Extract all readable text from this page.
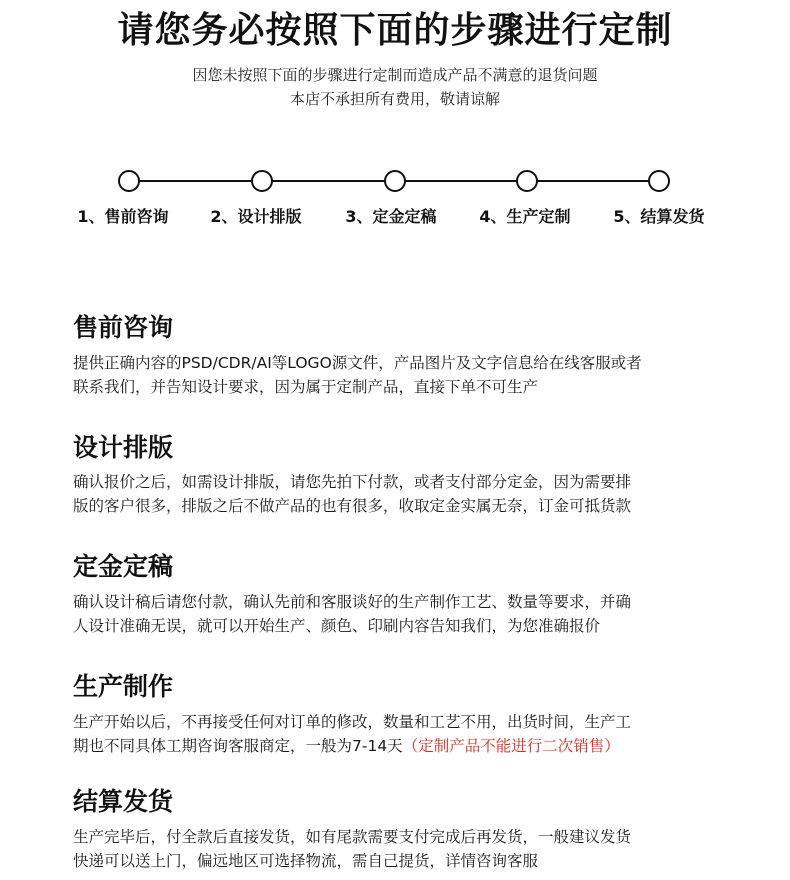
请您务必按照下面的步骤进行定制
因您未按照下面的步骤进行定制而造成产品不满意的退货问题
本店不承担所有费用，敬请谅解
1、售前咨询	2、设计排版	3、定金定稿	4、生产定制	5、结算发货
售前咨询
提供正确内容的PSD/CDR/AI等LOGO源文件，产品图片及文字信息给在线客服或者
联系我们，并告知设计要求，因为属于定制产品，直接下单不可生产
设计排版
确认报价之后，如需设计排版，请您先拍下付款，或者支付部分定金，因为需要排
版的客户很多，排版之后不做产品的也有很多，收取定金实属无奈，订金可抵货款
定金定稿
确认设计稿后请您付款，确认先前和客服谈好的生产制作工艺、数量等要求，并确
人设计准确无误，就可以开始生产、颜色、印刷内容告知我们，为您准确报价
生产制作
生产开始以后，不再接受任何对订单的修改，数量和工艺不用，出货时间，生产工
期也不同具体工期咨询客服商定，一般为7-14天（定制产品不能进行二次销售）
结算发货
生产完毕后，付全款后直接发货，如有尾款需要支付完成后再发货，一般建议发货
快递可以送上门，偏远地区可选择物流，需自己提货，详情咨询客服
